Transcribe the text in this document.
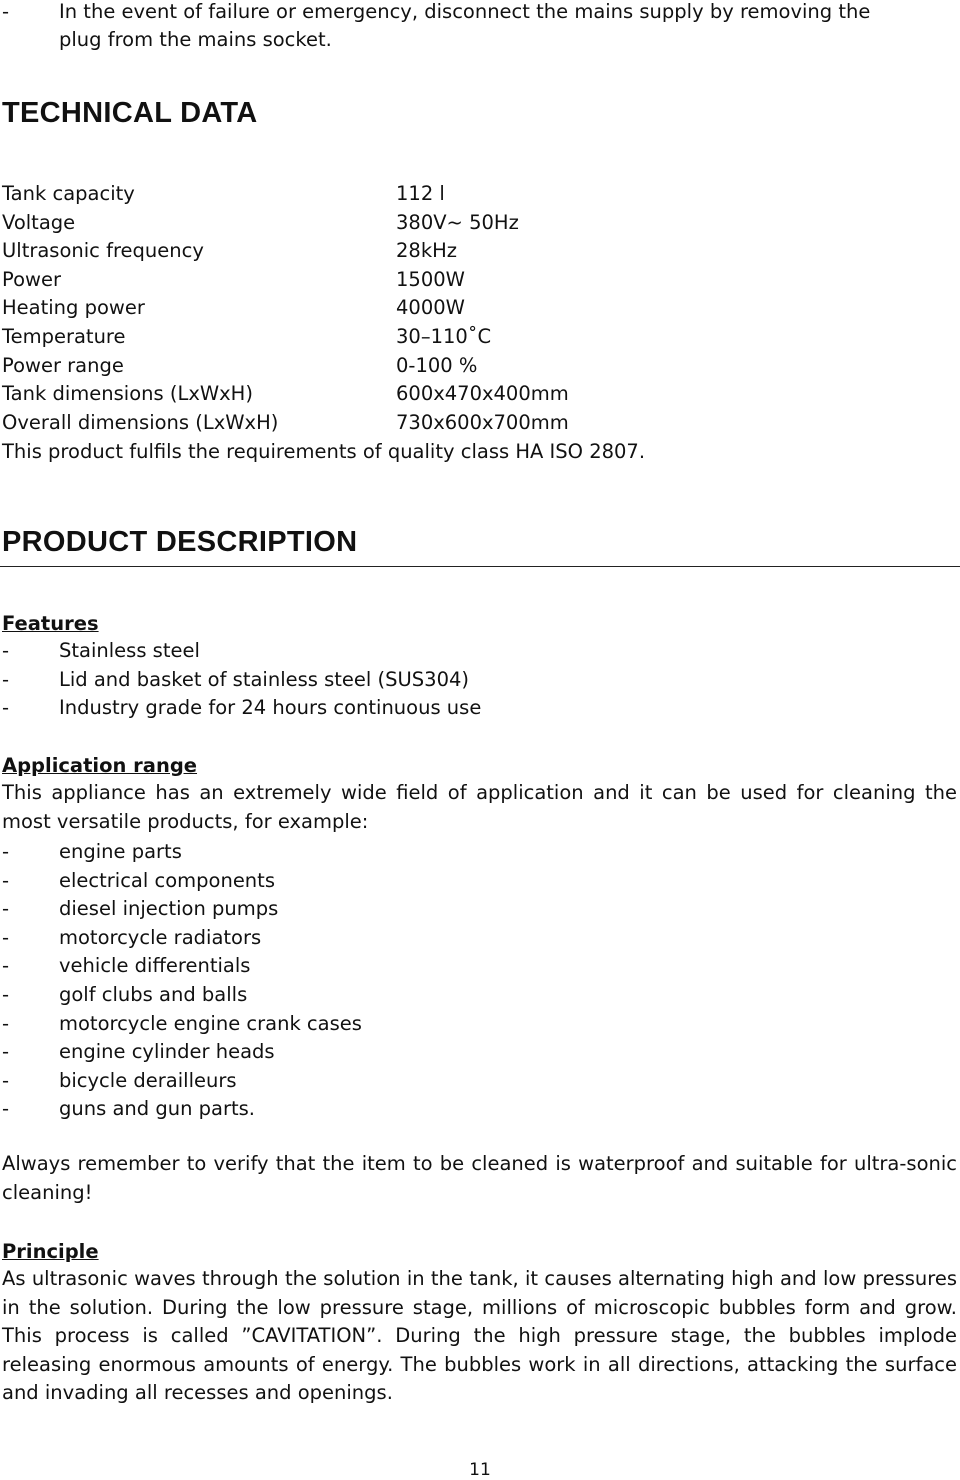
-	In the event of failure or emergency, disconnect the mains supply by removing the
plug from the mains socket.
TECHNICAL DATA
Tank capacity	112 l
Voltage	380V~ 50Hz
Ultrasonic frequency	28kHz
Power	1500W
Heating power	4000W
Temperature	30–110˚C
Power range	0-100 %
Tank dimensions (LxWxH)	600x470x400mm
Overall dimensions (LxWxH)	730x600x700mm
This product fulfils the requirements of quality class HA ISO 2807.
PRODUCT DESCRIPTION
Features
-	Stainless steel
-	Lid and basket of stainless steel (SUS304)
-	Industry grade for 24 hours continuous use
Application range
This appliance has an extremely wide field of application and it can be used for cleaning the most versatile products, for example:
-	engine parts
-	electrical components
-	diesel injection pumps
-	motorcycle radiators
-	vehicle differentials
-	golf clubs and balls
-	motorcycle engine crank cases
-	engine cylinder heads
-	bicycle derailleurs
-	guns and gun parts.
Always remember to verify that the item to be cleaned is waterproof and suitable for ultra-sonic cleaning!
Principle
As ultrasonic waves through the solution in the tank, it causes alternating high and low pressures in the solution. During the low pressure stage, millions of microscopic bubbles form and grow. This process is called ”CAVITATION”. During the high pressure stage, the bubbles implode releasing enormous amounts of energy. The bubbles work in all directions, attacking the surface and invading all recesses and openings.
11
